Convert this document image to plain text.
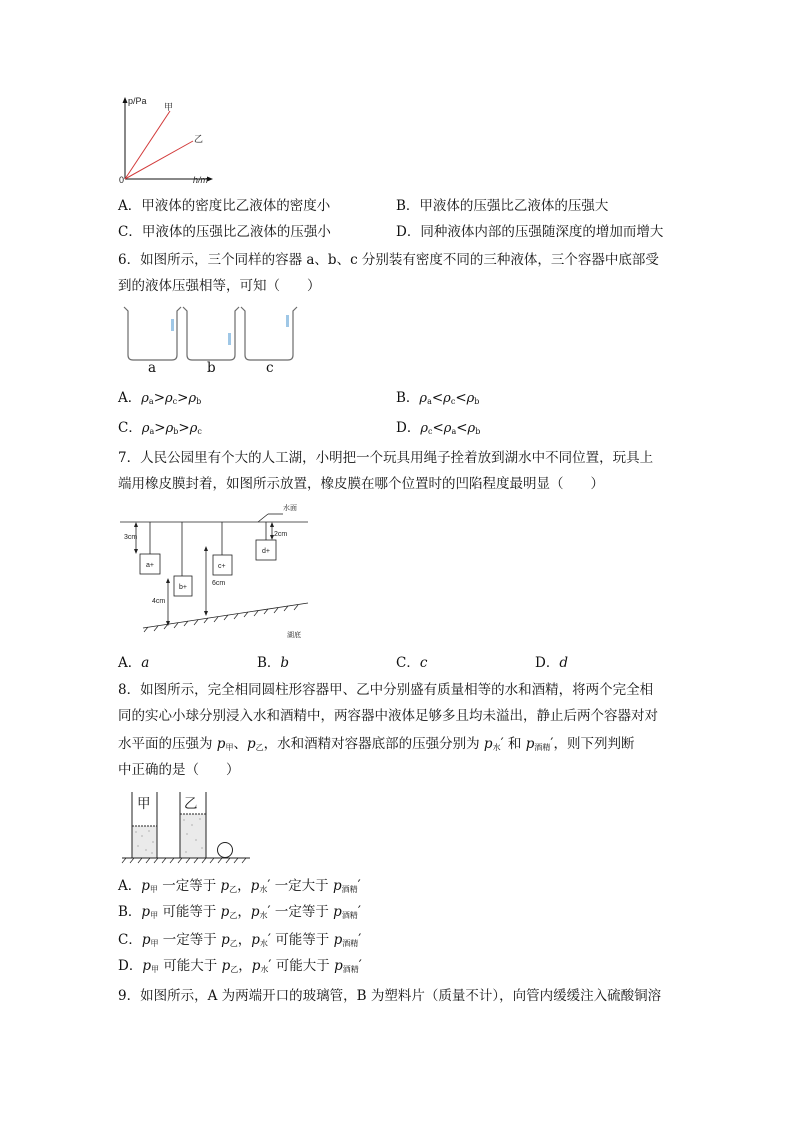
p/Pa
甲
乙
0	h/m
A．甲液体的密度比乙液体的密度小	B．甲液体的压强比乙液体的压强大
C．甲液体的压强比乙液体的压强小	D．同种液体内部的压强随深度的增加而增大
6．如图所示，三个同样的容器 a、b、c 分别装有密度不同的三种液体，三个容器中底部受
到的液体压强相等，可知（　　）
a	b	c
A．$\rho_a>\rho_c>\rho_b$	B．$\rho_a<\rho_c<\rho_b$
C．$\rho_a>\rho_b>\rho_c$	D．$\rho_c<\rho_a<\rho_b$
7．人民公园里有个大的人工湖，小明把一个玩具用绳子拴着放到湖水中不同位置，玩具上
端用橡皮膜封着，如图所示放置，橡皮膜在哪个位置时的凹陷程度最明显（　　）
水面
3cm
4cm
6cm
2cm
a+
b+
c+
d+
湖底
A．a	B．b	C．c	D．d
8．如图所示，完全相同圆柱形容器甲、乙中分别盛有质量相等的水和酒精，将两个完全相
同的实心小球分别浸入水和酒精中，两容器中液体足够多且均未溢出，静止后两个容器对对
水平面的压强为 $p_甲$、$p_乙$，水和酒精对容器底部的压强分别为 $p_水'$ 和 $p_{酒精}'$，则下列判断
中正确的是（　　）
甲 乙
A．$p_甲$ 一定等于 $p_乙$，$p_水'$ 一定大于 $p_{酒精}'$
B．$p_甲$ 可能等于 $p_乙$，$p_水'$ 一定等于 $p_{酒精}'$
C．$p_甲$ 一定等于 $p_乙$，$p_水'$ 可能等于 $p_{酒精}'$
D．$p_甲$ 可能大于 $p_乙$，$p_水'$ 可能大于 $p_{酒精}'$
9．如图所示，A 为两端开口的玻璃管，B 为塑料片（质量不计），向管内缓缓注入硫酸铜溶
